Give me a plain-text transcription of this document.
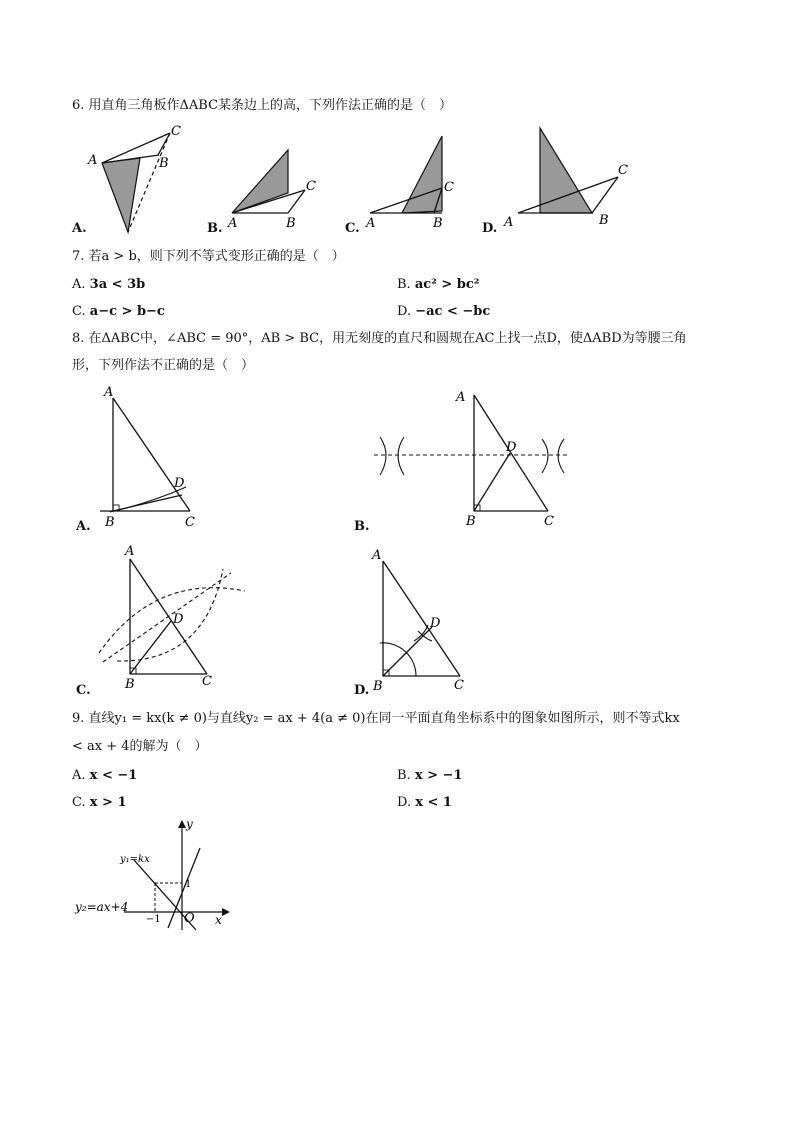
6. 用直角三角板作ΔABC某条边上的高，下列作法正确的是（　）
A
C
B
A.	A	B
C
B.	A	B
C
C.	A	B
C
D.
7. 若a > b，则下列不等式变形正确的是（　）
A. 3a < 3b	B. ac² > bc²
C. a−c > b−c	D. −ac < −bc
8. 在ΔABC中，∠ABC = 90°，AB > BC，用无刻度的直尺和圆规在AC上找一点D，使ΔABD为等腰三角
形，下列作法不正确的是（　）
A
B	C
D
A.
A
B	C
D
B.
A
B	C
D
C.
A
B	C
D
D.
9. 直线y₁ = kx(k ≠ 0)与直线y₂ = ax + 4(a ≠ 0)在同一平面直角坐标系中的图象如图所示，则不等式kx
< ax + 4的解为（　）
A. x < −1	B. x > −1
C. x > 1	D. x < 1
y
x
O
1
−1
y₁=kx
y₂=ax+4
